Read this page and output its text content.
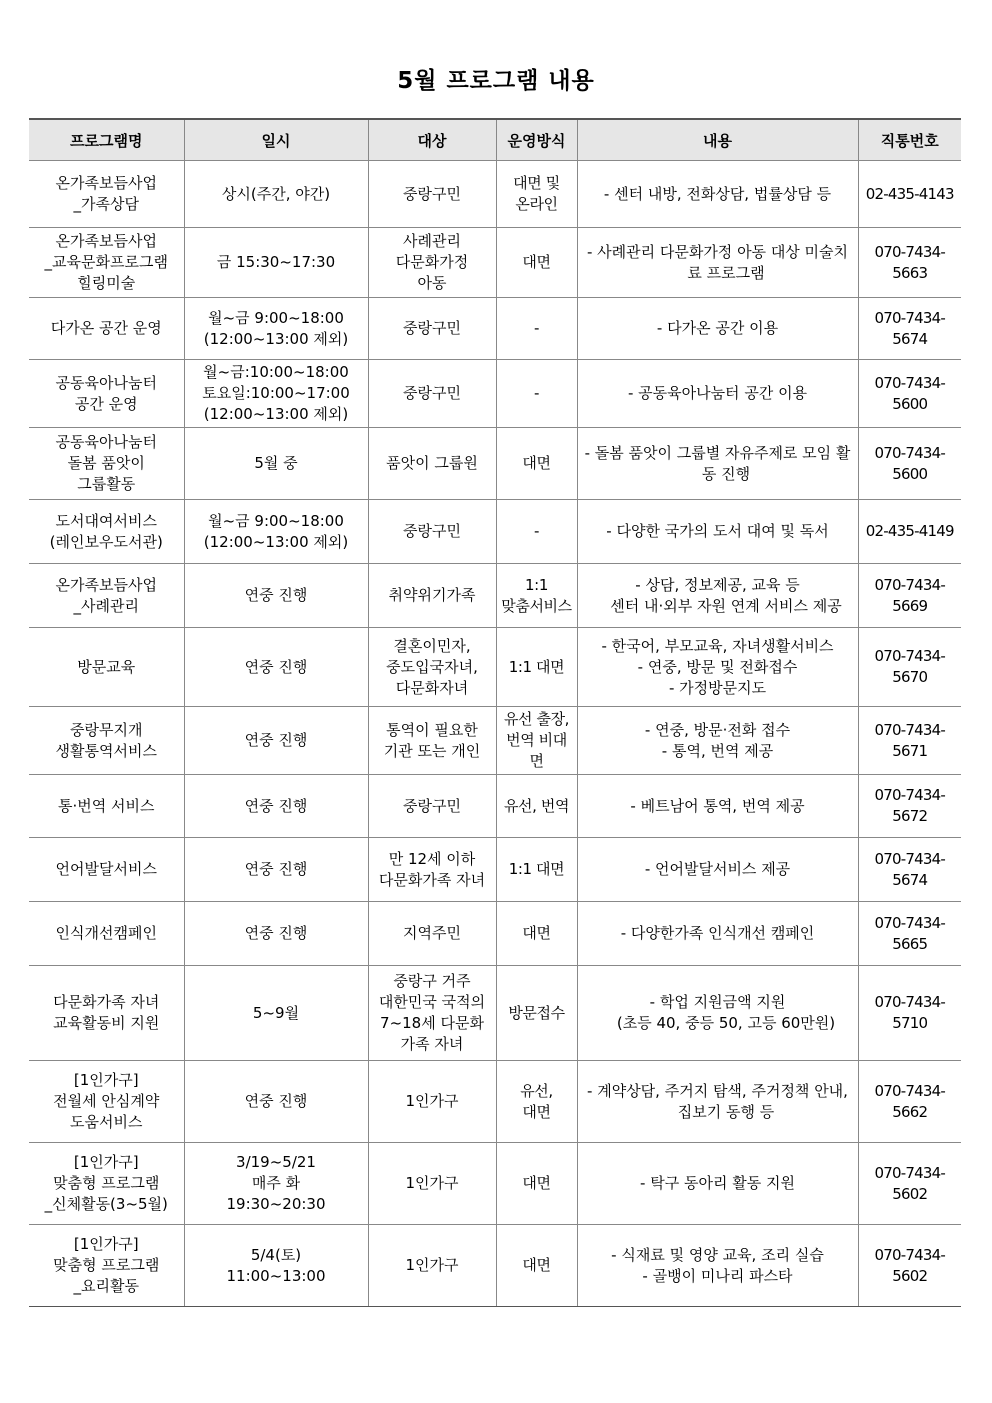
5월 프로그램 내용
프로그램명	일시	대상	운영방식	내용	직통번호
온가족보듬사업
_가족상담	상시(주간, 야간)	중랑구민	대면 및
온라인	- 센터 내방, 전화상담, 법률상담 등	02-435-4143
온가족보듬사업
_교육문화프로그램
힐링미술	금 15:30~17:30	사례관리
다문화가정
아동	대면	- 사례관리 다문화가정 아동 대상 미술치료 프로그램	070-7434-5663
다가온 공간 운영	월~금 9:00~18:00
(12:00~13:00 제외)	중랑구민	-	- 다가온 공간 이용	070-7434-5674
공동육아나눔터
공간 운영	월~금:10:00~18:00
토요일:10:00~17:00
(12:00~13:00 제외)	중랑구민	-	- 공동육아나눔터 공간 이용	070-7434-5600
공동육아나눔터
돌봄 품앗이
그룹활동	5월 중	품앗이 그룹원	대면	- 돌봄 품앗이 그룹별 자유주제로 모임 활동 진행	070-7434-5600
도서대여서비스
(레인보우도서관)	월~금 9:00~18:00
(12:00~13:00 제외)	중랑구민	-	- 다양한 국가의 도서 대여 및 독서	02-435-4149
온가족보듬사업
_사례관리	연중 진행	취약위기가족	1:1
맞춤서비스	- 상담, 정보제공, 교육 등
센터 내·외부 자원 연계 서비스 제공	070-7434-5669
방문교육	연중 진행	결혼이민자,
중도입국자녀,
다문화자녀	1:1 대면	- 한국어, 부모교육, 자녀생활서비스
- 연중, 방문 및 전화접수
- 가정방문지도	070-7434-5670
중랑무지개
생활통역서비스	연중 진행	통역이 필요한
기관 또는 개인	유선 출장,
번역 비대면	- 연중, 방문·전화 접수
- 통역, 번역 제공	070-7434-5671
통·번역 서비스	연중 진행	중랑구민	유선, 번역	- 베트남어 통역, 번역 제공	070-7434-5672
언어발달서비스	연중 진행	만 12세 이하
다문화가족 자녀	1:1 대면	- 언어발달서비스 제공	070-7434-5674
인식개선캠페인	연중 진행	지역주민	대면	- 다양한가족 인식개선 캠페인	070-7434-5665
다문화가족 자녀
교육활동비 지원	5~9월	중랑구 거주
대한민국 국적의
7~18세 다문화
가족 자녀	방문접수	- 학업 지원금액 지원
(초등 40, 중등 50, 고등 60만원)	070-7434-5710
[1인가구]
전월세 안심계약
도움서비스	연중 진행	1인가구	유선,
대면	- 계약상담, 주거지 탐색, 주거정책 안내, 집보기 동행 등	070-7434-5662
[1인가구]
맞춤형 프로그램
_신체활동(3~5월)	3/19~5/21
매주 화
19:30~20:30	1인가구	대면	- 탁구 동아리 활동 지원	070-7434-5602
[1인가구]
맞춤형 프로그램
_요리활동	5/4(토)
11:00~13:00	1인가구	대면	- 식재료 및 영양 교육, 조리 실습
- 골뱅이 미나리 파스타	070-7434-5602
